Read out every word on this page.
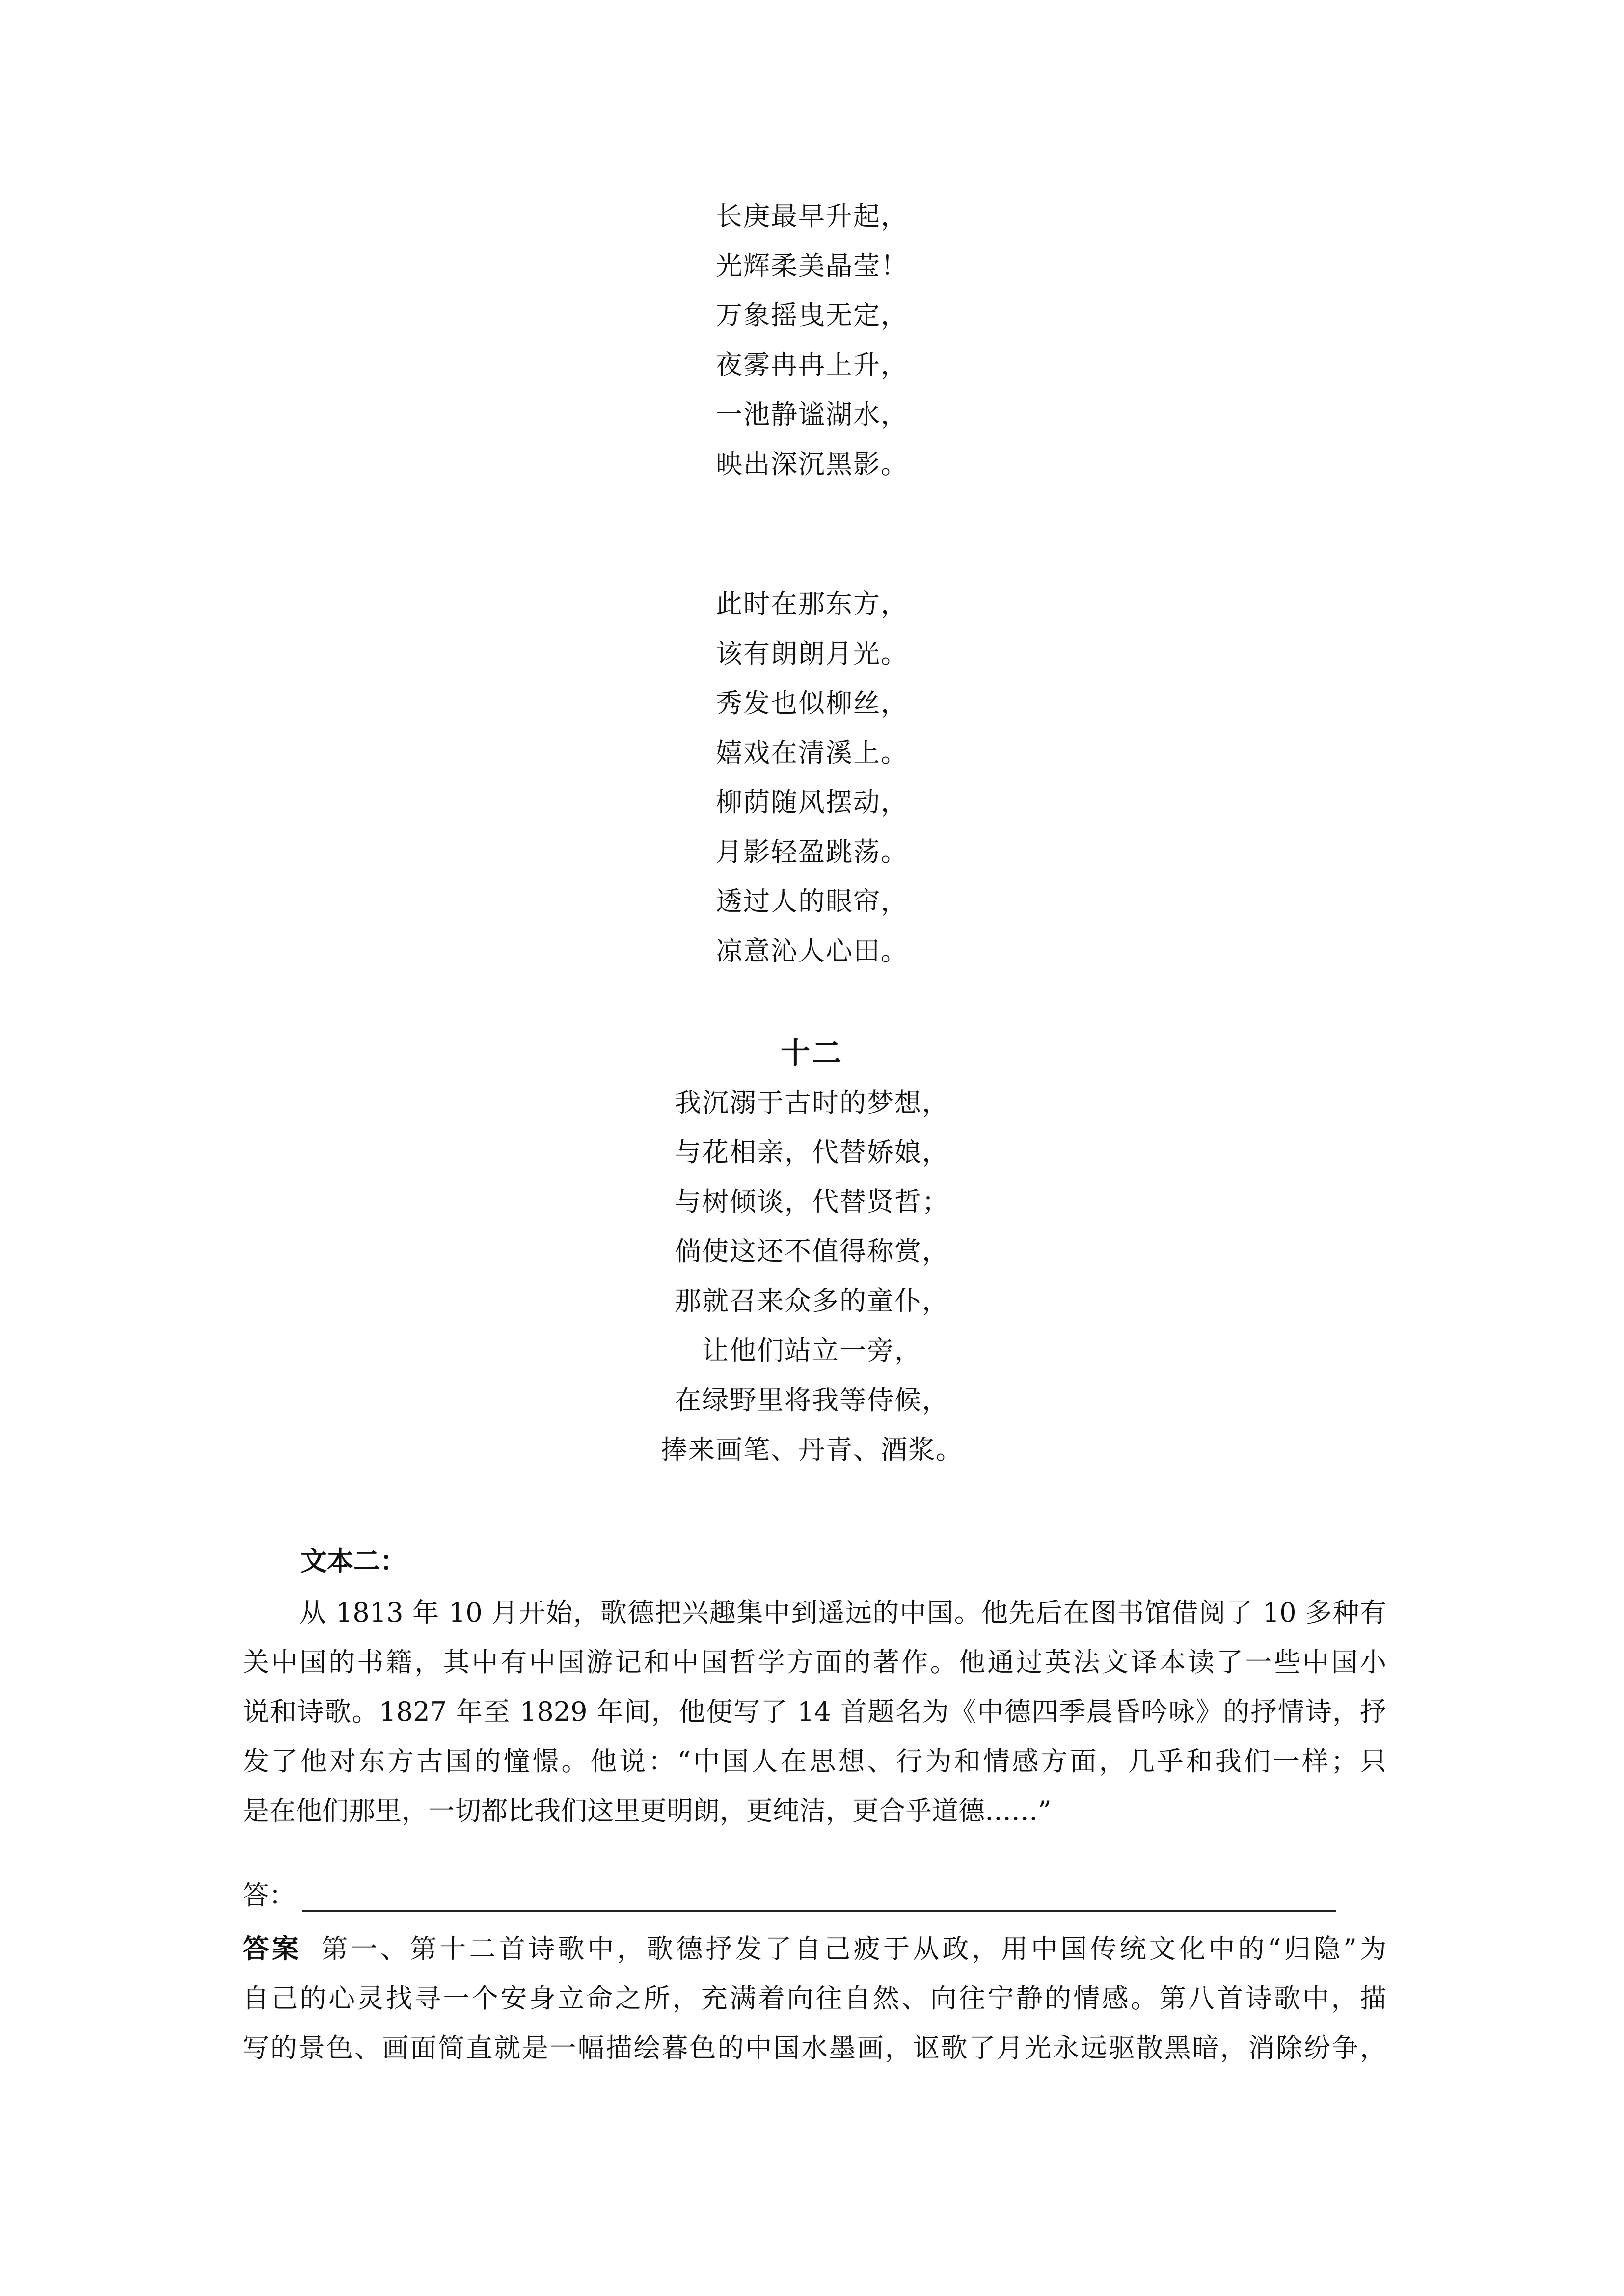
长庚最早升起，
光辉柔美晶莹！
万象摇曳无定，
夜雾冉冉上升，
一池静谧湖水，
映出深沉黑影。
此时在那东方，
该有朗朗月光。
秀发也似柳丝，
嬉戏在清溪上。
柳荫随风摆动，
月影轻盈跳荡。
透过人的眼帘，
凉意沁人心田。
十二
我沉溺于古时的梦想，
与花相亲，代替娇娘，
与树倾谈，代替贤哲；
倘使这还不值得称赏，
那就召来众多的童仆，
让他们站立一旁，
在绿野里将我等侍候，
捧来画笔、丹青、酒浆。
文本二：
从 1813 年 10 月开始，歌德把兴趣集中到遥远的中国。他先后在图书馆借阅了 10 多种有
关中国的书籍，其中有中国游记和中国哲学方面的著作。他通过英法文译本读了一些中国小
说和诗歌。1827 年至 1829 年间，他便写了 14 首题名为《中德四季晨昏吟咏》的抒情诗，抒
发了他对东方古国的憧憬。他说：“中国人在思想、行为和情感方面，几乎和我们一样；只
是在他们那里，一切都比我们这里更明朗，更纯洁，更合乎道德……”
答：
答案 第一、第十二首诗歌中，歌德抒发了自己疲于从政，用中国传统文化中的“归隐”为
自己的心灵找寻一个安身立命之所，充满着向往自然、向往宁静的情感。第八首诗歌中，描
写的景色、画面简直就是一幅描绘暮色的中国水墨画，讴歌了月光永远驱散黑暗，消除纷争，
